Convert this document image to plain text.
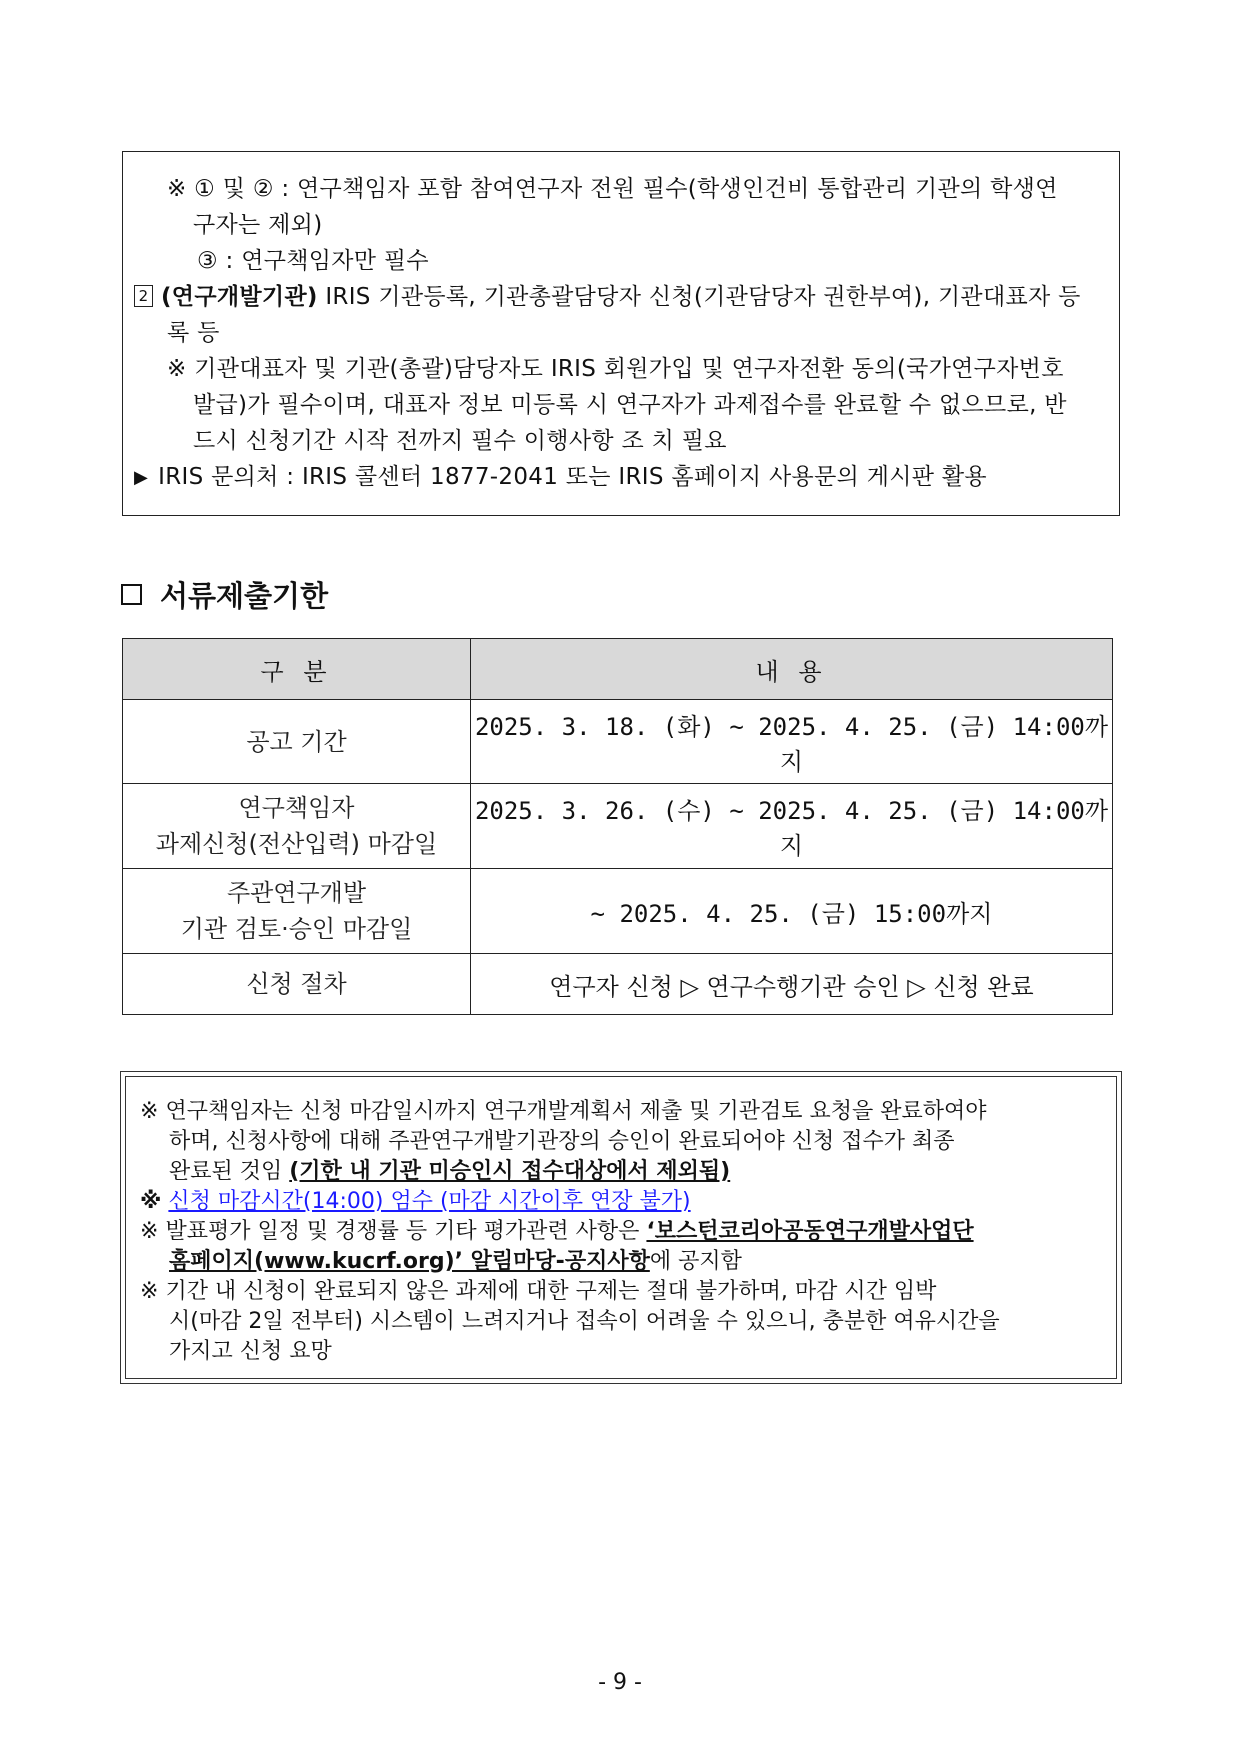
※ ① 및 ② : 연구책임자 포함 참여연구자 전원 필수(학생인건비 통합관리 기관의 학생연
구자는 제외)
③ : 연구책임자만 필수
2 (연구개발기관) IRIS 기관등록, 기관총괄담당자 신청(기관담당자 권한부여), 기관대표자 등
록 등
※ 기관대표자 및 기관(총괄)담당자도 IRIS 회원가입 및 연구자전환 동의(국가연구자번호
발급)가 필수이며, 대표자 정보 미등록 시 연구자가 과제접수를 완료할 수 없으므로, 반
드시 신청기간 시작 전까지 필수 이행사항 조 치 필요
▶ IRIS 문의처 : IRIS 콜센터 1877-2041 또는 IRIS 홈페이지 사용문의 게시판 활용
서류제출기한
구 분	내 용
공고 기간	2025. 3. 18. (화) ~ 2025. 4. 25. (금) 14:00까지
연구책임자
과제신청(전산입력) 마감일	2025. 3. 26. (수) ~ 2025. 4. 25. (금) 14:00까지
주관연구개발
기관 검토·승인 마감일	~ 2025. 4. 25. (금) 15:00까지
신청 절차	연구자 신청 ▷ 연구수행기관 승인 ▷ 신청 완료
※ 연구책임자는 신청 마감일시까지 연구개발계획서 제출 및 기관검토 요청을 완료하여야
하며, 신청사항에 대해 주관연구개발기관장의 승인이 완료되어야 신청 접수가 최종
완료된 것임 (기한 내 기관 미승인시 접수대상에서 제외됨)
※ 신청 마감시간(14:00) 엄수 (마감 시간이후 연장 불가)
※ 발표평가 일정 및 경쟁률 등 기타 평가관련 사항은 ‘보스턴코리아공동연구개발사업단
홈페이지(www.kucrf.org)’ 알림마당-공지사항에 공지함
※ 기간 내 신청이 완료되지 않은 과제에 대한 구제는 절대 불가하며, 마감 시간 임박
시(마감 2일 전부터) 시스템이 느려지거나 접속이 어려울 수 있으니, 충분한 여유시간을
가지고 신청 요망
- 9 -
